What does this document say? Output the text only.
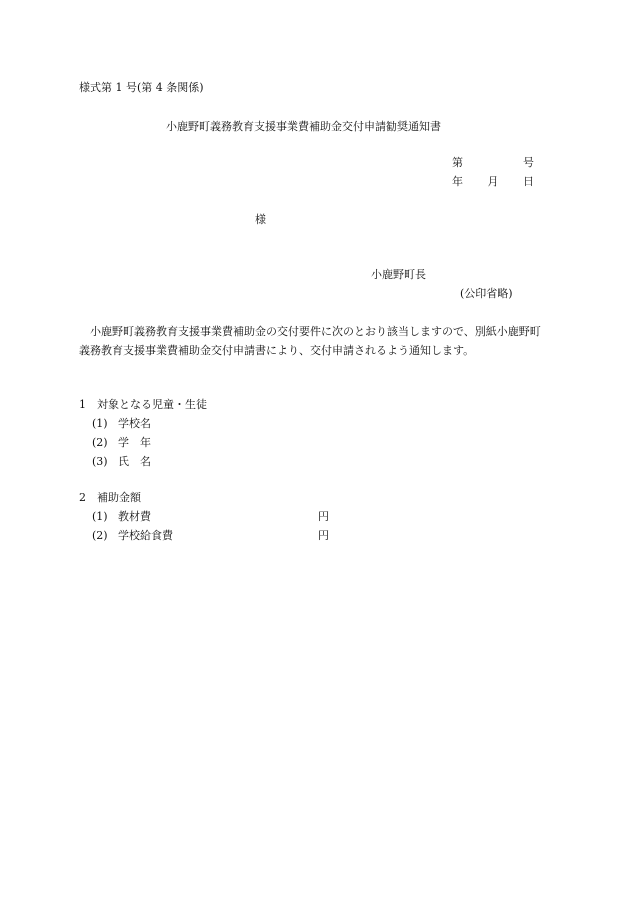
様式第 1 号(第 4 条関係)
小鹿野町義務教育支援事業費補助金交付申請勧奨通知書
第	号
年 月 日
様
小鹿野町長
(公印省略)
小鹿野町義務教育支援事業費補助金の交付要件に次のとおり該当しますので、別紙小鹿野町義務教育支援事業費補助金交付申請書により、交付申請されるよう通知します。
1　対象となる児童・生徒
(1) 学校名
(2) 学　年
(3) 氏　名
2　補助金額
(1) 教材費	円
(2) 学校給食費	円
